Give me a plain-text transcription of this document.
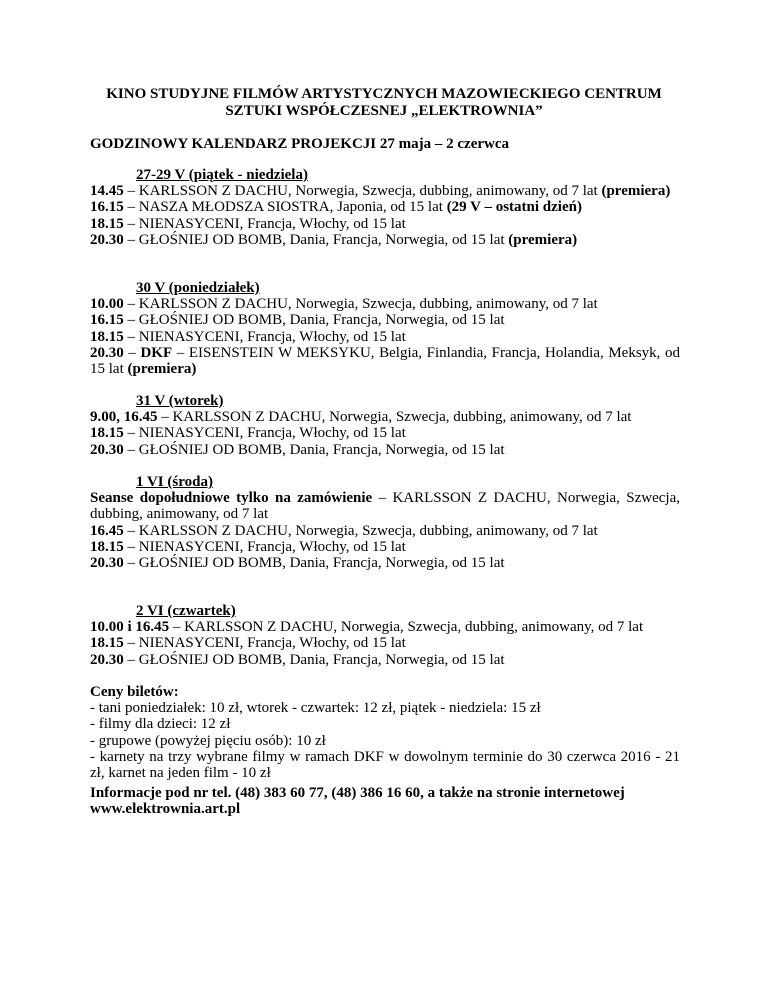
KINO STUDYJNE FILMÓW ARTYSTYCZNYCH MAZOWIECKIEGO CENTRUM
SZTUKI WSPÓŁCZESNEJ „ELEKTROWNIA”

GODZINOWY KALENDARZ PROJEKCJI 27 maja – 2 czerwca

27-29 V (piątek - niedziela)
14.45 – KARLSSON Z DACHU, Norwegia, Szwecja, dubbing, animowany, od 7 lat (premiera)
16.15 – NASZA MŁODSZA SIOSTRA, Japonia, od 15 lat (29 V – ostatni dzień)
18.15 – NIENASYCENI, Francja, Włochy, od 15 lat
20.30 – GŁOŚNIEJ OD BOMB, Dania, Francja, Norwegia, od 15 lat (premiera)
30 V (poniedziałek)
10.00 – KARLSSON Z DACHU, Norwegia, Szwecja, dubbing, animowany, od 7 lat
16.15 – GŁOŚNIEJ OD BOMB, Dania, Francja, Norwegia, od 15 lat
18.15 – NIENASYCENI, Francja, Włochy, od 15 lat
20.30 – DKF – EISENSTEIN W MEKSYKU, Belgia, Finlandia, Francja, Holandia, Meksyk, od 15 lat (premiera)
31 V (wtorek)
9.00, 16.45 – KARLSSON Z DACHU, Norwegia, Szwecja, dubbing, animowany, od 7 lat
18.15 – NIENASYCENI, Francja, Włochy, od 15 lat
20.30 – GŁOŚNIEJ OD BOMB, Dania, Francja, Norwegia, od 15 lat
1 VI (środa)
Seanse dopołudniowe tylko na zamówienie – KARLSSON Z DACHU, Norwegia, Szwecja, dubbing, animowany, od 7 lat
16.45 – KARLSSON Z DACHU, Norwegia, Szwecja, dubbing, animowany, od 7 lat
18.15 – NIENASYCENI, Francja, Włochy, od 15 lat
20.30 – GŁOŚNIEJ OD BOMB, Dania, Francja, Norwegia, od 15 lat
2 VI (czwartek)
10.00 i 16.45 – KARLSSON Z DACHU, Norwegia, Szwecja, dubbing, animowany, od 7 lat
18.15 – NIENASYCENI, Francja, Włochy, od 15 lat
20.30 – GŁOŚNIEJ OD BOMB, Dania, Francja, Norwegia, od 15 lat
Ceny biletów:
- tani poniedziałek: 10 zł, wtorek - czwartek: 12 zł, piątek - niedziela: 15 zł
- filmy dla dzieci: 12 zł
- grupowe (powyżej pięciu osób): 10 zł
- karnety na trzy wybrane filmy w ramach DKF w dowolnym terminie do 30 czerwca 2016 - 21 zł, karnet na jeden film - 10 zł
Informacje pod nr tel. (48) 383 60 77, (48) 386 16 60, a także na stronie internetowej
www.elektrownia.art.pl
